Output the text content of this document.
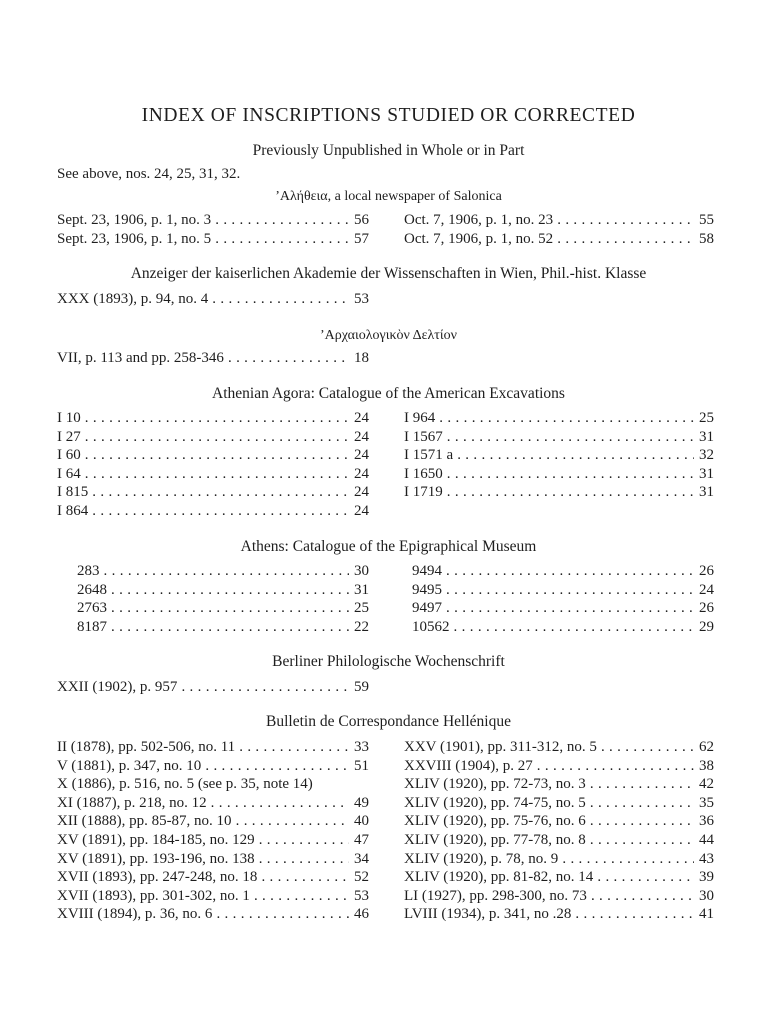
INDEX OF INSCRIPTIONS STUDIED OR CORRECTED
Previously Unpublished in Whole or in Part
See above, nos. 24, 25, 31, 32.
’Αλήθεια, a local newspaper of Salonica
Sept. 23, 1906, p. 1, no. 3 . . .	56
Sept. 23, 1906, p. 1, no. 5 . . .	57
Oct. 7, 1906, p. 1, no. 23 . . .	55
Oct. 7, 1906, p. 1, no. 52 . . .	58
Anzeiger der kaiserlichen Akademie der Wissenschaften in Wien, Phil.-hist. Klasse
XXX (1893), p. 94, no. 4 . . .	53
’Αρχαιολογικὸν Δελτίον
VII, p. 113 and pp. 258-346 . . .	18
Athenian Agora: Catalogue of the American Excavations
I 10 . . .	24
I 27 . . .	24
I 60 . . .	24
I 64 . . .	24
I 815 . . .	24
I 864 . . .	24
I 964 . . .	25
I 1567 . . .	31
I 1571 a . . .	32
I 1650 . . .	31
I 1719 . . .	31
Athens: Catalogue of the Epigraphical Museum
283 . . .	30
2648 . . .	31
2763 . . .	25
8187 . . .	22
9494 . . .	26
9495 . . .	24
9497 . . .	26
10562 . . .	29
Berliner Philologische Wochenschrift
XXII (1902), p. 957 . . .	59
Bulletin de Correspondance Hellénique
II (1878), pp. 502-506, no. 11 . . .	33
V (1881), p. 347, no. 10 . . .	51
X (1886), p. 516, no. 5 (see p. 35, note 14)
XI (1887), p. 218, no. 12 . . .	49
XII (1888), pp. 85-87, no. 10 . . .	40
XV (1891), pp. 184-185, no. 129 . . .	47
XV (1891), pp. 193-196, no. 138 . . .	34
XVII (1893), pp. 247-248, no. 18 . . .	52
XVII (1893), pp. 301-302, no. 1 . . .	53
XVIII (1894), p. 36, no. 6 . . .	46
XXV (1901), pp. 311-312, no. 5 . . .	62
XXVIII (1904), p. 27 . . .	38
XLIV (1920), pp. 72-73, no. 3 . . .	42
XLIV (1920), pp. 74-75, no. 5 . . .	35
XLIV (1920), pp. 75-76, no. 6 . . .	36
XLIV (1920), pp. 77-78, no. 8 . . .	44
XLIV (1920), p. 78, no. 9 . . .	43
XLIV (1920), pp. 81-82, no. 14 . . .	39
LI (1927), pp. 298-300, no. 73 . . .	30
LVIII (1934), p. 341, no .28 . . .	41
